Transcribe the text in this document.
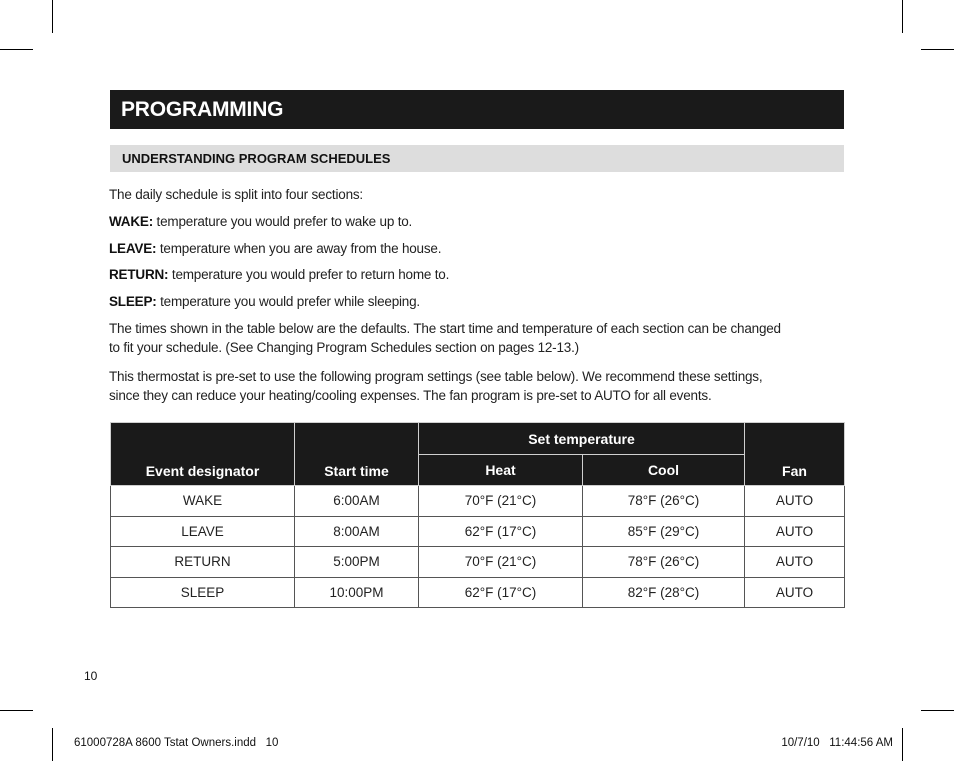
PROGRAMMING
UNDERSTANDING PROGRAM SCHEDULES
The daily schedule is split into four sections:
WAKE: temperature you would prefer to wake up to.
LEAVE: temperature when you are away from the house.
RETURN: temperature you would prefer to return home to.
SLEEP: temperature you would prefer while sleeping.
The times shown in the table below are the defaults. The start time and temperature of each section can be changed
to fit your schedule. (See Changing Program Schedules section on pages 12-13.)
This thermostat is pre-set to use the following program settings (see table below). We recommend these settings,
since they can reduce your heating/cooling expenses. The fan program is pre-set to AUTO for all events.
Event designator	Start time	Set temperature		Fan
		Heat	Cool	
WAKE	6:00AM	70°F (21°C)	78°F (26°C)	AUTO
LEAVE	8:00AM	62°F (17°C)	85°F (29°C)	AUTO
RETURN	5:00PM	70°F (21°C)	78°F (26°C)	AUTO
SLEEP	10:00PM	62°F (17°C)	82°F (28°C)	AUTO
10
61000728A 8600 Tstat Owners.indd   10	10/7/10   11:44:56 AM
